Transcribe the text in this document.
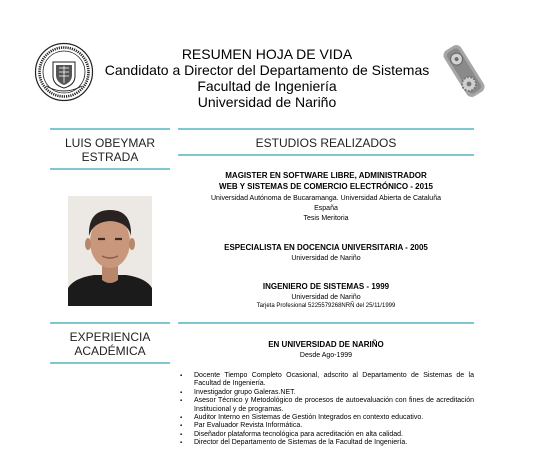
RESUMEN HOJA DE VIDA
Candidato a Director del Departamento de Sistemas
Facultad de Ingeniería
Universidad de Nariño
LUIS OBEYMAR
ESTRADA
ESTUDIOS REALIZADOS
MAGISTER EN SOFTWARE LIBRE, ADMINISTRADOR
WEB Y SISTEMAS DE COMERCIO ELECTRÓNICO - 2015
Universidad Autónoma de Bucaramanga. Universidad Abierta de Cataluña
España
Tesis Meritoria
ESPECIALISTA EN DOCENCIA UNIVERSITARIA - 2005
Universidad de Nariño
INGENIERO DE SISTEMAS - 1999
Universidad de Nariño
Tarjeta Profesional 5225579268NRÑ del 25/11/1999
EXPERIENCIA
ACADÉMICA	EN UNIVERSIDAD DE NARIÑO
Desde Ago-1999
▪ Docente Tiempo Completo Ocasional, adscrito al Departamento de Sistemas de la Facultad de Ingeniería.
▪ Investigador grupo Galeras.NET.
▪ Asesor Técnico y Metodológico de procesos de autoevaluación con fines de acreditación Institucional y de programas.
▪ Auditor Interno en Sistemas de Gestión Integrados en contexto educativo.
▪ Par Evaluador Revista Informática.
▪ Diseñador plataforma tecnológica para acreditación en alta calidad.
▪ Director del Departamento de Sistemas de la Facultad de Ingeniería.
